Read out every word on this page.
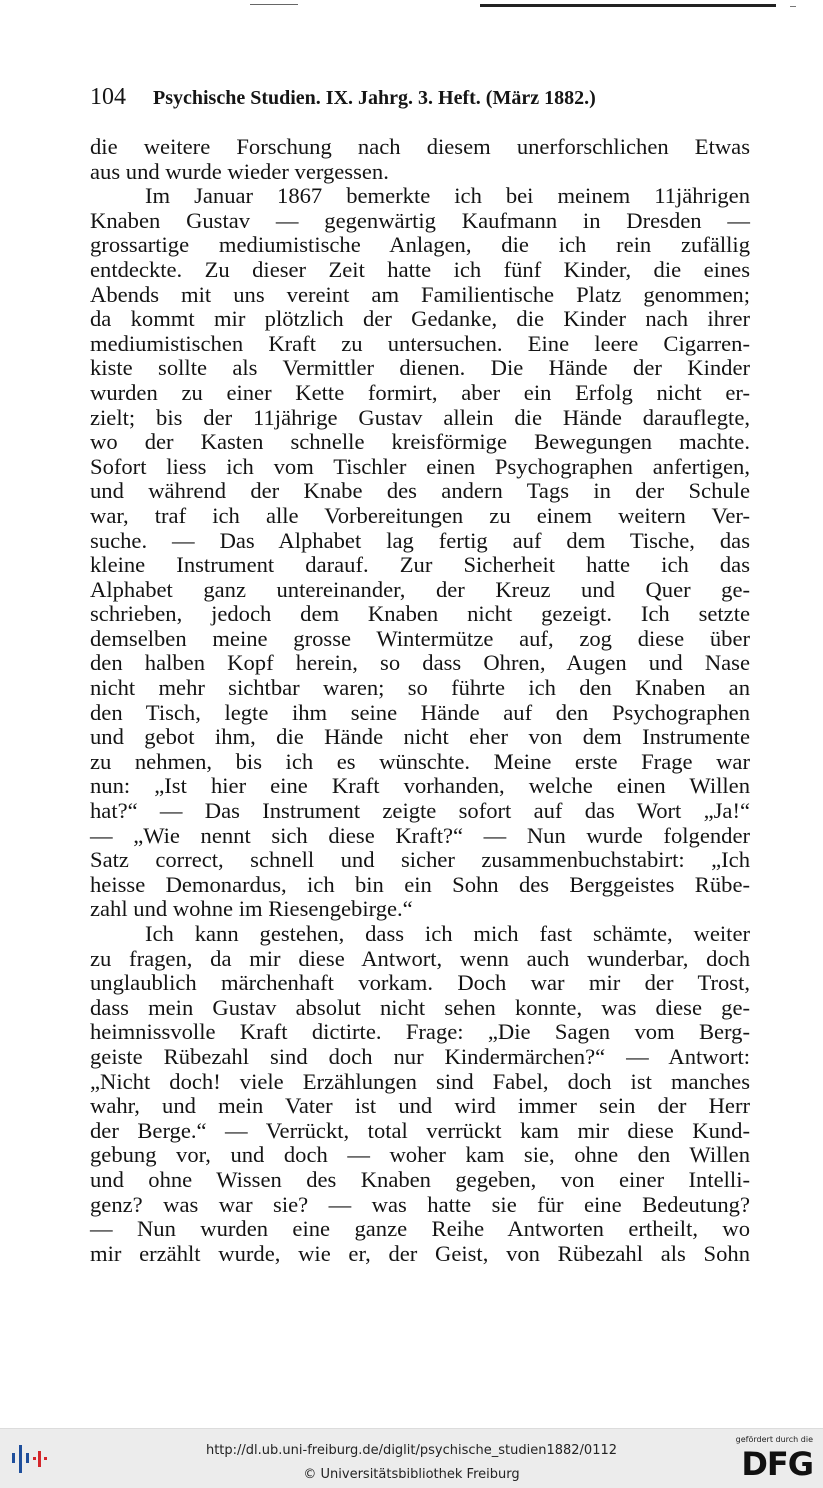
104 Psychische Studien. IX. Jahrg. 3. Heft. (März 1882.)
die weitere Forschung nach diesem unerforschlichen Etwas
aus und wurde wieder vergessen.
Im Januar 1867 bemerkte ich bei meinem 11jährigen
Knaben Gustav — gegenwärtig Kaufmann in Dresden —
grossartige mediumistische Anlagen, die ich rein zufällig
entdeckte. Zu dieser Zeit hatte ich fünf Kinder, die eines
Abends mit uns vereint am Familientische Platz genommen;
da kommt mir plötzlich der Gedanke, die Kinder nach ihrer
mediumistischen Kraft zu untersuchen. Eine leere Cigarren-
kiste sollte als Vermittler dienen. Die Hände der Kinder
wurden zu einer Kette formirt, aber ein Erfolg nicht er-
zielt; bis der 11jährige Gustav allein die Hände darauflegte,
wo der Kasten schnelle kreisförmige Bewegungen machte.
Sofort liess ich vom Tischler einen Psychographen anfertigen,
und während der Knabe des andern Tags in der Schule
war, traf ich alle Vorbereitungen zu einem weitern Ver-
suche. — Das Alphabet lag fertig auf dem Tische, das
kleine Instrument darauf. Zur Sicherheit hatte ich das
Alphabet ganz untereinander, der Kreuz und Quer ge-
schrieben, jedoch dem Knaben nicht gezeigt. Ich setzte
demselben meine grosse Wintermütze auf, zog diese über
den halben Kopf herein, so dass Ohren, Augen und Nase
nicht mehr sichtbar waren; so führte ich den Knaben an
den Tisch, legte ihm seine Hände auf den Psychographen
und gebot ihm, die Hände nicht eher von dem Instrumente
zu nehmen, bis ich es wünschte. Meine erste Frage war
nun: „Ist hier eine Kraft vorhanden, welche einen Willen
hat?“ — Das Instrument zeigte sofort auf das Wort „Ja!“
— „Wie nennt sich diese Kraft?“ — Nun wurde folgender
Satz correct, schnell und sicher zusammenbuchstabirt: „Ich
heisse Demonardus, ich bin ein Sohn des Berggeistes Rübe-
zahl und wohne im Riesengebirge.“
Ich kann gestehen, dass ich mich fast schämte, weiter
zu fragen, da mir diese Antwort, wenn auch wunderbar, doch
unglaublich märchenhaft vorkam. Doch war mir der Trost,
dass mein Gustav absolut nicht sehen konnte, was diese ge-
heimnissvolle Kraft dictirte. Frage: „Die Sagen vom Berg-
geiste Rübezahl sind doch nur Kindermärchen?“ — Antwort:
„Nicht doch! viele Erzählungen sind Fabel, doch ist manches
wahr, und mein Vater ist und wird immer sein der Herr
der Berge.“ — Verrückt, total verrückt kam mir diese Kund-
gebung vor, und doch — woher kam sie, ohne den Willen
und ohne Wissen des Knaben gegeben, von einer Intelli-
genz? was war sie? — was hatte sie für eine Bedeutung?
— Nun wurden eine ganze Reihe Antworten ertheilt, wo
mir erzählt wurde, wie er, der Geist, von Rübezahl als Sohn
http://dl.ub.uni-freiburg.de/diglit/psychische_studien1882/0112
© Universitätsbibliothek Freiburg
gefördert durch die
DFG
